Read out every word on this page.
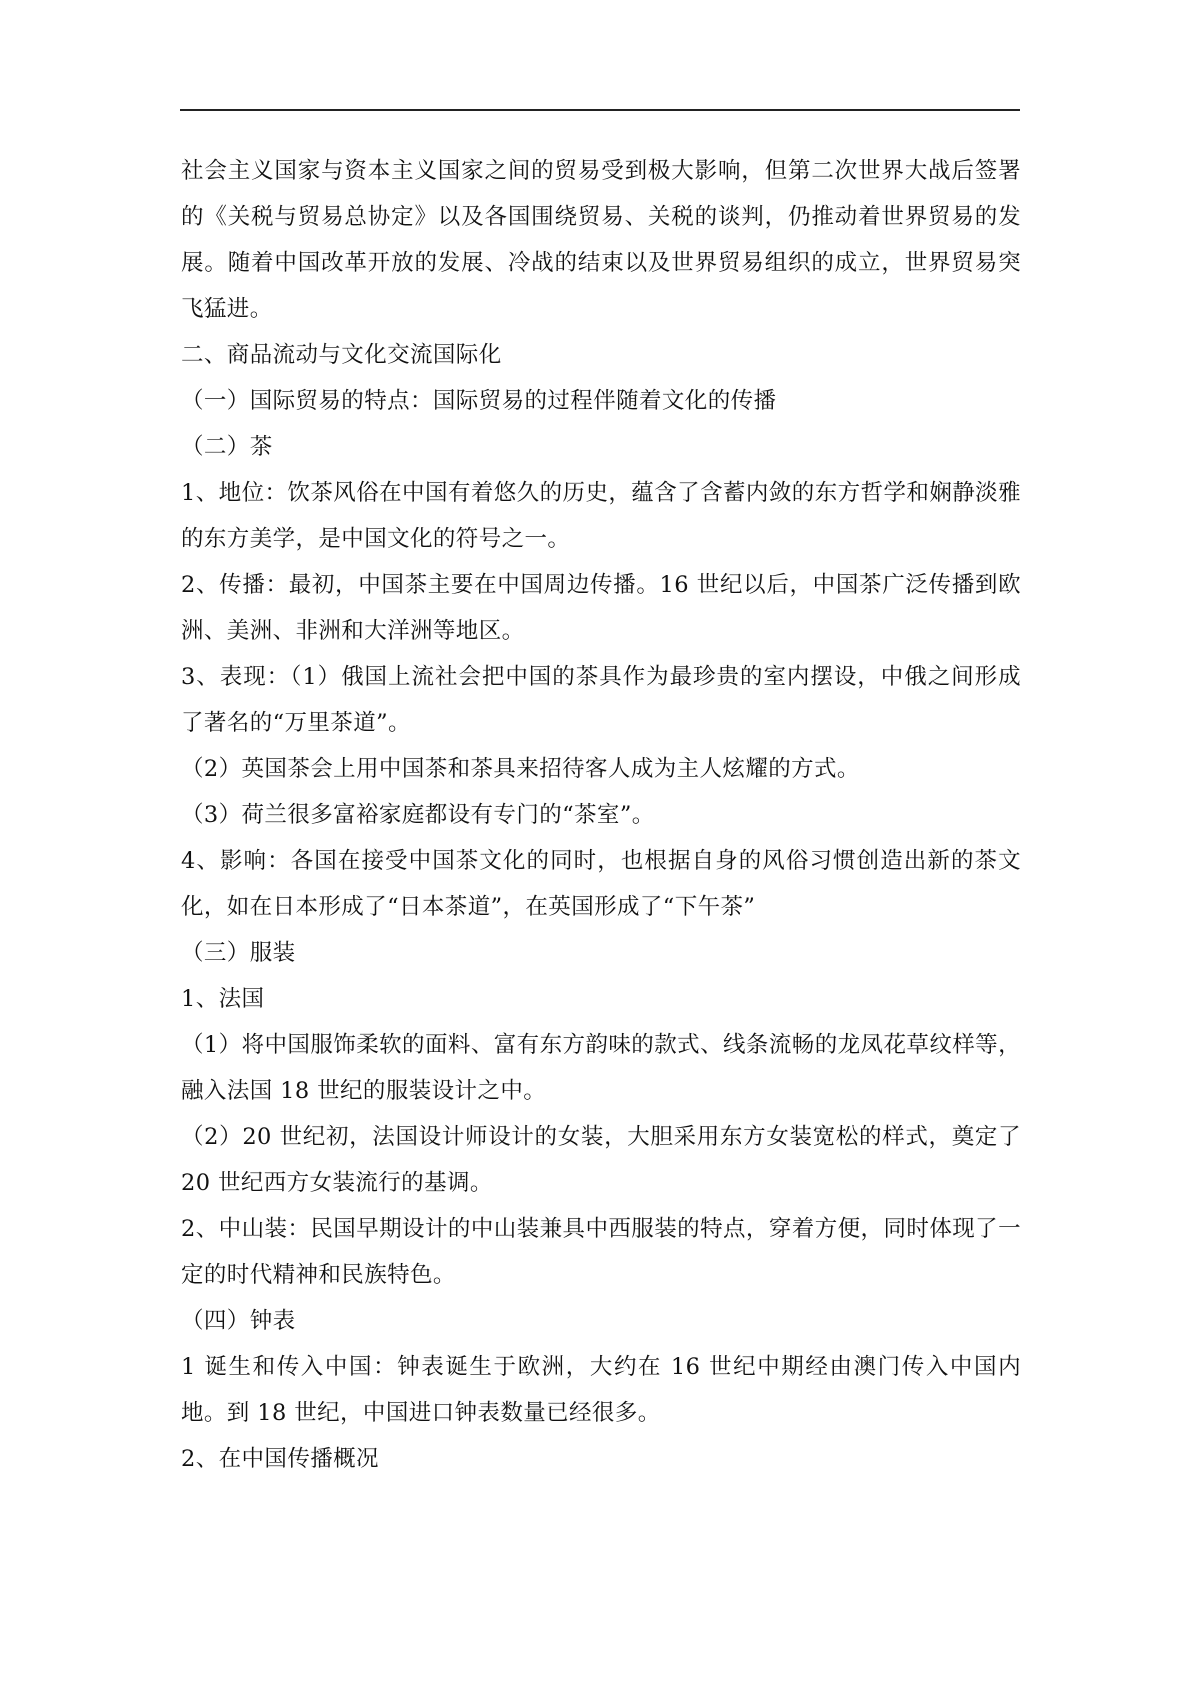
社会主义国家与资本主义国家之间的贸易受到极大影响，但第二次世界大战后签署的《关税与贸易总协定》以及各国围绕贸易、关税的谈判，仍推动着世界贸易的发展。随着中国改革开放的发展、冷战的结束以及世界贸易组织的成立，世界贸易突飞猛进。

二、商品流动与文化交流国际化

（一）国际贸易的特点：国际贸易的过程伴随着文化的传播

（二）茶

1、地位：饮茶风俗在中国有着悠久的历史，蕴含了含蓄内敛的东方哲学和娴静淡雅的东方美学，是中国文化的符号之一。

2、传播：最初，中国茶主要在中国周边传播。16 世纪以后，中国茶广泛传播到欧洲、美洲、非洲和大洋洲等地区。

3、表现：（1）俄国上流社会把中国的茶具作为最珍贵的室内摆设，中俄之间形成了著名的“万里茶道”。

（2）英国茶会上用中国茶和茶具来招待客人成为主人炫耀的方式。

（3）荷兰很多富裕家庭都设有专门的“茶室”。

4、影响：各国在接受中国茶文化的同时，也根据自身的风俗习惯创造出新的茶文化，如在日本形成了“日本茶道”，在英国形成了“下午茶”

（三）服装

1、法国

（1）将中国服饰柔软的面料、富有东方韵味的款式、线条流畅的龙凤花草纹样等，融入法国 18 世纪的服装设计之中。

（2）20 世纪初，法国设计师设计的女装，大胆采用东方女装宽松的样式，奠定了 20 世纪西方女装流行的基调。

2、中山装：民国早期设计的中山装兼具中西服装的特点，穿着方便，同时体现了一定的时代精神和民族特色。

（四）钟表

1 诞生和传入中国：钟表诞生于欧洲，大约在 16 世纪中期经由澳门传入中国内地。到 18 世纪，中国进口钟表数量已经很多。

2、在中国传播概况
